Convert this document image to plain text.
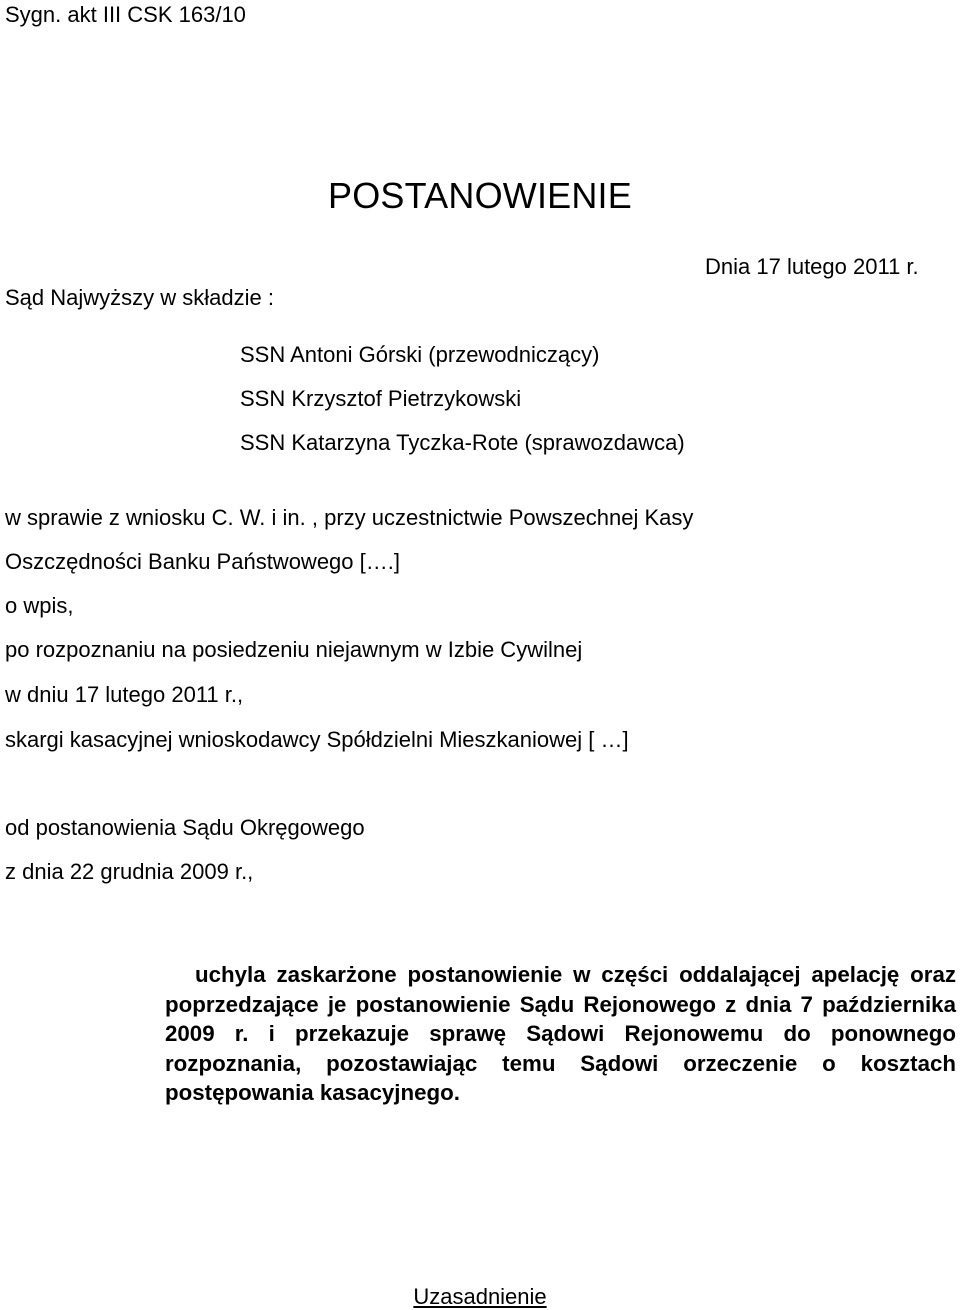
Sygn. akt III CSK 163/10
POSTANOWIENIE
Dnia 17 lutego 2011 r.
Sąd Najwyższy w składzie :
SSN Antoni Górski (przewodniczący)
SSN Krzysztof Pietrzykowski
SSN Katarzyna Tyczka-Rote (sprawozdawca)
w sprawie z wniosku C. W. i in. , przy uczestnictwie Powszechnej Kasy
Oszczędności Banku Państwowego [….]
o wpis,
po rozpoznaniu na posiedzeniu niejawnym w Izbie Cywilnej
w dniu 17 lutego 2011 r.,
skargi kasacyjnej wnioskodawcy Spółdzielni Mieszkaniowej [ …]
od postanowienia Sądu Okręgowego
z dnia 22 grudnia 2009 r.,
uchyla zaskarżone postanowienie w części oddalającej apelację oraz poprzedzające je postanowienie Sądu Rejonowego z dnia 7 października 2009 r. i przekazuje sprawę Sądowi Rejonowemu do ponownego rozpoznania, pozostawiając temu Sądowi orzeczenie o kosztach postępowania kasacyjnego.
Uzasadnienie
